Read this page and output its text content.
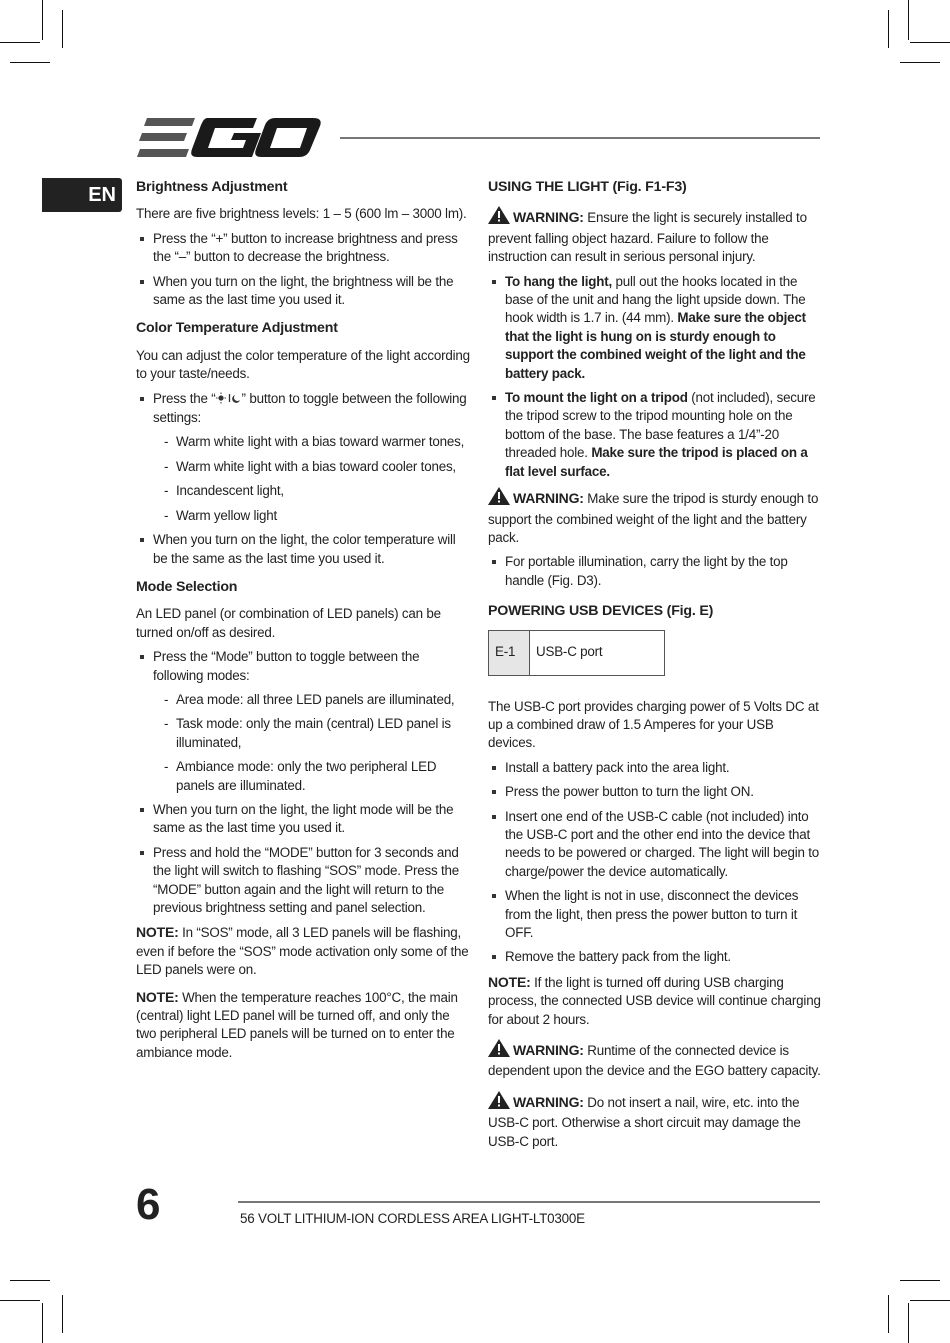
EN	Brightness Adjustment

There are five brightness levels: 1 – 5 (600 lm – 3000 lm).

Press the “+” button to increase brightness and press the “–” button to decrease the brightness.
When you turn on the light, the brightness will be the same as the last time you used it.
Color Temperature Adjustment

You can adjust the color temperature of the light according to your taste/needs.

Press the “ ” button to toggle between the following settings:
- Warm white light with a bias toward warmer tones,
- Warm white light with a bias toward cooler tones,
- Incandescent light,
- Warm yellow light
When you turn on the light, the color temperature will be the same as the last time you used it.
Mode Selection

An LED panel (or combination of LED panels) can be turned on/off as desired.

Press the “Mode” button to toggle between the following modes:
- Area mode: all three LED panels are illuminated,
- Task mode: only the main (central) LED panel is illuminated,
- Ambiance mode: only the two peripheral LED panels are illuminated.
When you turn on the light, the light mode will be the same as the last time you used it.
Press and hold the “MODE” button for 3 seconds and the light will switch to flashing “SOS” mode. Press the “MODE” button again and the light will return to the previous brightness setting and panel selection.

NOTE: In “SOS” mode, all 3 LED panels will be flashing, even if before the “SOS” mode activation only some of the LED panels were on.

NOTE: When the temperature reaches 100°C, the main (central) light LED panel will be turned off, and only the two peripheral LED panels will be turned on to enter the ambiance mode.

USING THE LIGHT (Fig. F1-F3)

WARNING: Ensure the light is securely installed to prevent falling object hazard. Failure to follow the instruction can result in serious personal injury.

To hang the light, pull out the hooks located in the base of the unit and hang the light upside down. The hook width is 1.7 in. (44 mm). Make sure the object that the light is hung on is sturdy enough to support the combined weight of the light and the battery pack.
To mount the light on a tripod (not included), secure the tripod screw to the tripod mounting hole on the bottom of the base. The base features a 1/4”-20 threaded hole. Make sure the tripod is placed on a flat level surface.

WARNING: Make sure the tripod is sturdy enough to support the combined weight of the light and the battery pack.

For portable illumination, carry the light by the top handle (Fig. D3).
POWERING USB DEVICES (Fig. E)
E-1	USB-C port

The USB-C port provides charging power of 5 Volts DC at up a combined draw of 1.5 Amperes for your USB devices.

Install a battery pack into the area light.
Press the power button to turn the light ON.
Insert one end of the USB-C cable (not included) into the USB-C port and the other end into the device that needs to be powered or charged. The light will begin to charge/power the device automatically.
When the light is not in use, disconnect the devices from the light, then press the power button to turn it OFF.
Remove the battery pack from the light.

NOTE: If the light is turned off during USB charging process, the connected USB device will continue charging for about 2 hours.

WARNING: Runtime of the connected device is dependent upon the device and the EGO battery capacity.

WARNING: Do not insert a nail, wire, etc. into the USB-C port. Otherwise a short circuit may damage the USB-C port.

6	56 VOLT LITHIUM-ION CORDLESS AREA LIGHT-LT0300E
